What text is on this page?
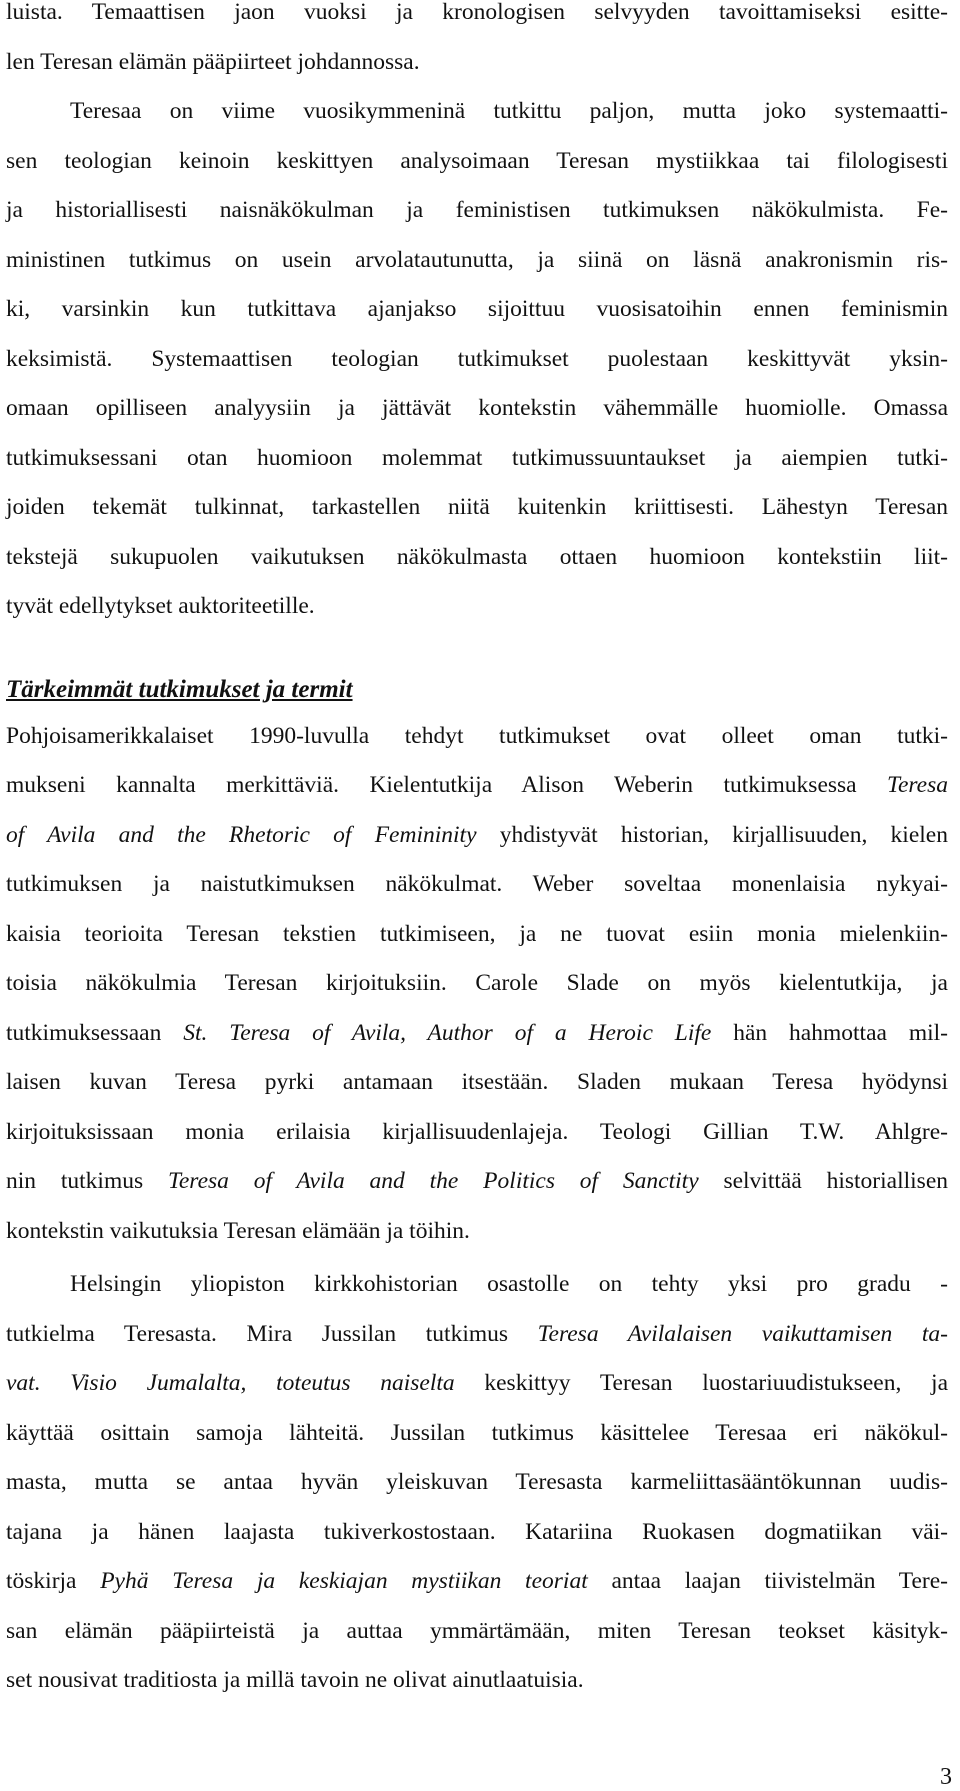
luista. Temaattisen jaon vuoksi ja kronologisen selvyyden tavoittamiseksi esitte-
len Teresan elämän pääpiirteet johdannossa.

Teresaa on viime vuosikymmeninä tutkittu paljon, mutta joko systemaatti-
sen teologian keinoin keskittyen analysoimaan Teresan mystiikkaa tai filologisesti
ja historiallisesti naisnäkökulman ja feministisen tutkimuksen näkökulmista. Fe-
ministinen tutkimus on usein arvolatautunutta, ja siinä on läsnä anakronismin ris-
ki, varsinkin kun tutkittava ajanjakso sijoittuu vuosisatoihin ennen feminismin
keksimistä. Systemaattisen teologian tutkimukset puolestaan keskittyvät yksin-
omaan opilliseen analyysiin ja jättävät kontekstin vähemmälle huomiolle. Omassa
tutkimuksessani otan huomioon molemmat tutkimussuuntaukset ja aiempien tutki-
joiden tekemät tulkinnat, tarkastellen niitä kuitenkin kriittisesti. Lähestyn Teresan
tekstejä sukupuolen vaikutuksen näkökulmasta ottaen huomioon kontekstiin liit-
tyvät edellytykset auktoriteetille.

Tärkeimmät tutkimukset ja termit

Pohjoisamerikkalaiset 1990-luvulla tehdyt tutkimukset ovat olleet oman tutki-
mukseni kannalta merkittäviä. Kielentutkija Alison Weberin tutkimuksessa Teresa
of Avila and the Rhetoric of Femininity yhdistyvät historian, kirjallisuuden, kielen
tutkimuksen ja naistutkimuksen näkökulmat. Weber soveltaa monenlaisia nykyai-
kaisia teorioita Teresan tekstien tutkimiseen, ja ne tuovat esiin monia mielenkiin-
toisia näkökulmia Teresan kirjoituksiin. Carole Slade on myös kielentutkija, ja
tutkimuksessaan St. Teresa of Avila, Author of a Heroic Life hän hahmottaa mil-
laisen kuvan Teresa pyrki antamaan itsestään. Sladen mukaan Teresa hyödynsi
kirjoituksissaan monia erilaisia kirjallisuudenlajeja. Teologi Gillian T.W. Ahlgre-
nin tutkimus Teresa of Avila and the Politics of Sanctity selvittää historiallisen
kontekstin vaikutuksia Teresan elämään ja töihin.

Helsingin yliopiston kirkkohistorian osastolle on tehty yksi pro gradu -
tutkielma Teresasta. Mira Jussilan tutkimus Teresa Avilalaisen vaikuttamisen ta-
vat. Visio Jumalalta, toteutus naiselta keskittyy Teresan luostariuudistukseen, ja
käyttää osittain samoja lähteitä. Jussilan tutkimus käsittelee Teresaa eri näkökul-
masta, mutta se antaa hyvän yleiskuvan Teresasta karmeliittasääntökunnan uudis-
tajana ja hänen laajasta tukiverkostostaan. Katariina Ruokasen dogmatiikan väi-
töskirja Pyhä Teresa ja keskiajan mystiikan teoriat antaa laajan tiivistelmän Tere-
san elämän pääpiirteistä ja auttaa ymmärtämään, miten Teresan teokset käsityk-
set nousivat traditiosta ja millä tavoin ne olivat ainutlaatuisia.

3
